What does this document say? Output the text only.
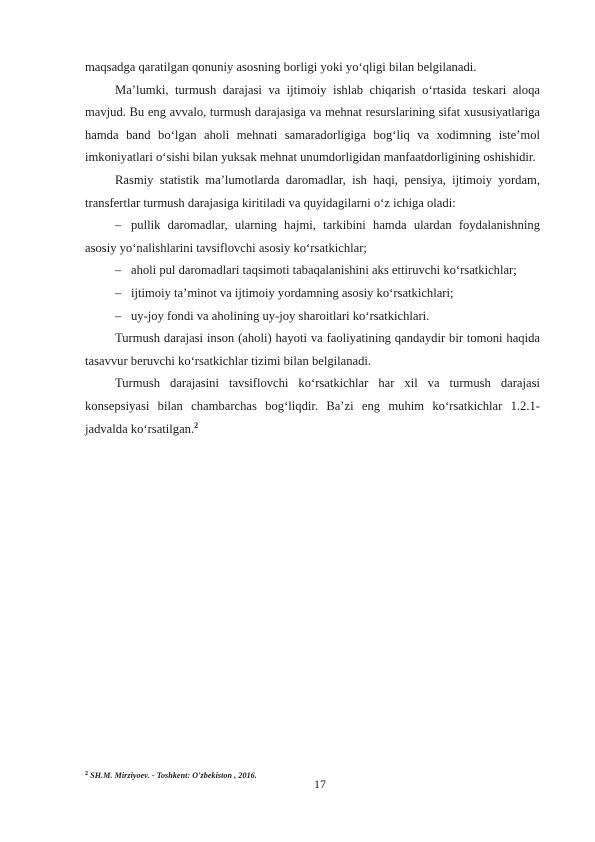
maqsadga qaratilgan qonuniy asosning borligi yoki yo‘qligi bilan belgilanadi.

Ma’lumki, turmush darajasi va ijtimoiy ishlab chiqarish o‘rtasida teskari aloqa mavjud. Bu eng avvalo, turmush darajasiga va mehnat resurslarining sifat xususiyatlariga hamda band bo‘lgan aholi mehnati samaradorligiga bog‘liq va xodimning iste’mol imkoniyatlari o‘sishi bilan yuksak mehnat unumdorligidan manfaatdorligining oshishidir.

Rasmiy statistik ma’lumotlarda daromadlar, ish haqi, pensiya, ijtimoiy yordam, transfertlar turmush darajasiga kiritiladi va quyidagilarni o‘z ichiga oladi:

– pullik daromadlar, ularning hajmi, tarkibini hamda ulardan foydalanishning asosiy yo‘nalishlarini tavsiflovchi asosiy ko‘rsatkichlar;

– aholi pul daromadlari taqsimoti tabaqalanishini aks ettiruvchi ko‘rsatkichlar;

– ijtimoiy ta’minot va ijtimoiy yordamning asosiy ko‘rsatkichlari;

– uy-joy fondi va aholining uy-joy sharoitlari ko‘rsatkichlari.

Turmush darajasi inson (aholi) hayoti va faoliyatining qandaydir bir tomoni haqida tasavvur beruvchi ko‘rsatkichlar tizimi bilan belgilanadi.

Turmush darajasini tavsiflovchi ko‘rsatkichlar har xil va turmush darajasi konsepsiyasi bilan chambarchas bog‘liqdir. Ba’zi eng muhim ko‘rsatkichlar 1.2.1- jadvalda ko‘rsatilgan.$^2$

$^2$ SH.M. Mirziyoev. - Toshkent: O'zbekiston , 2016.
17
